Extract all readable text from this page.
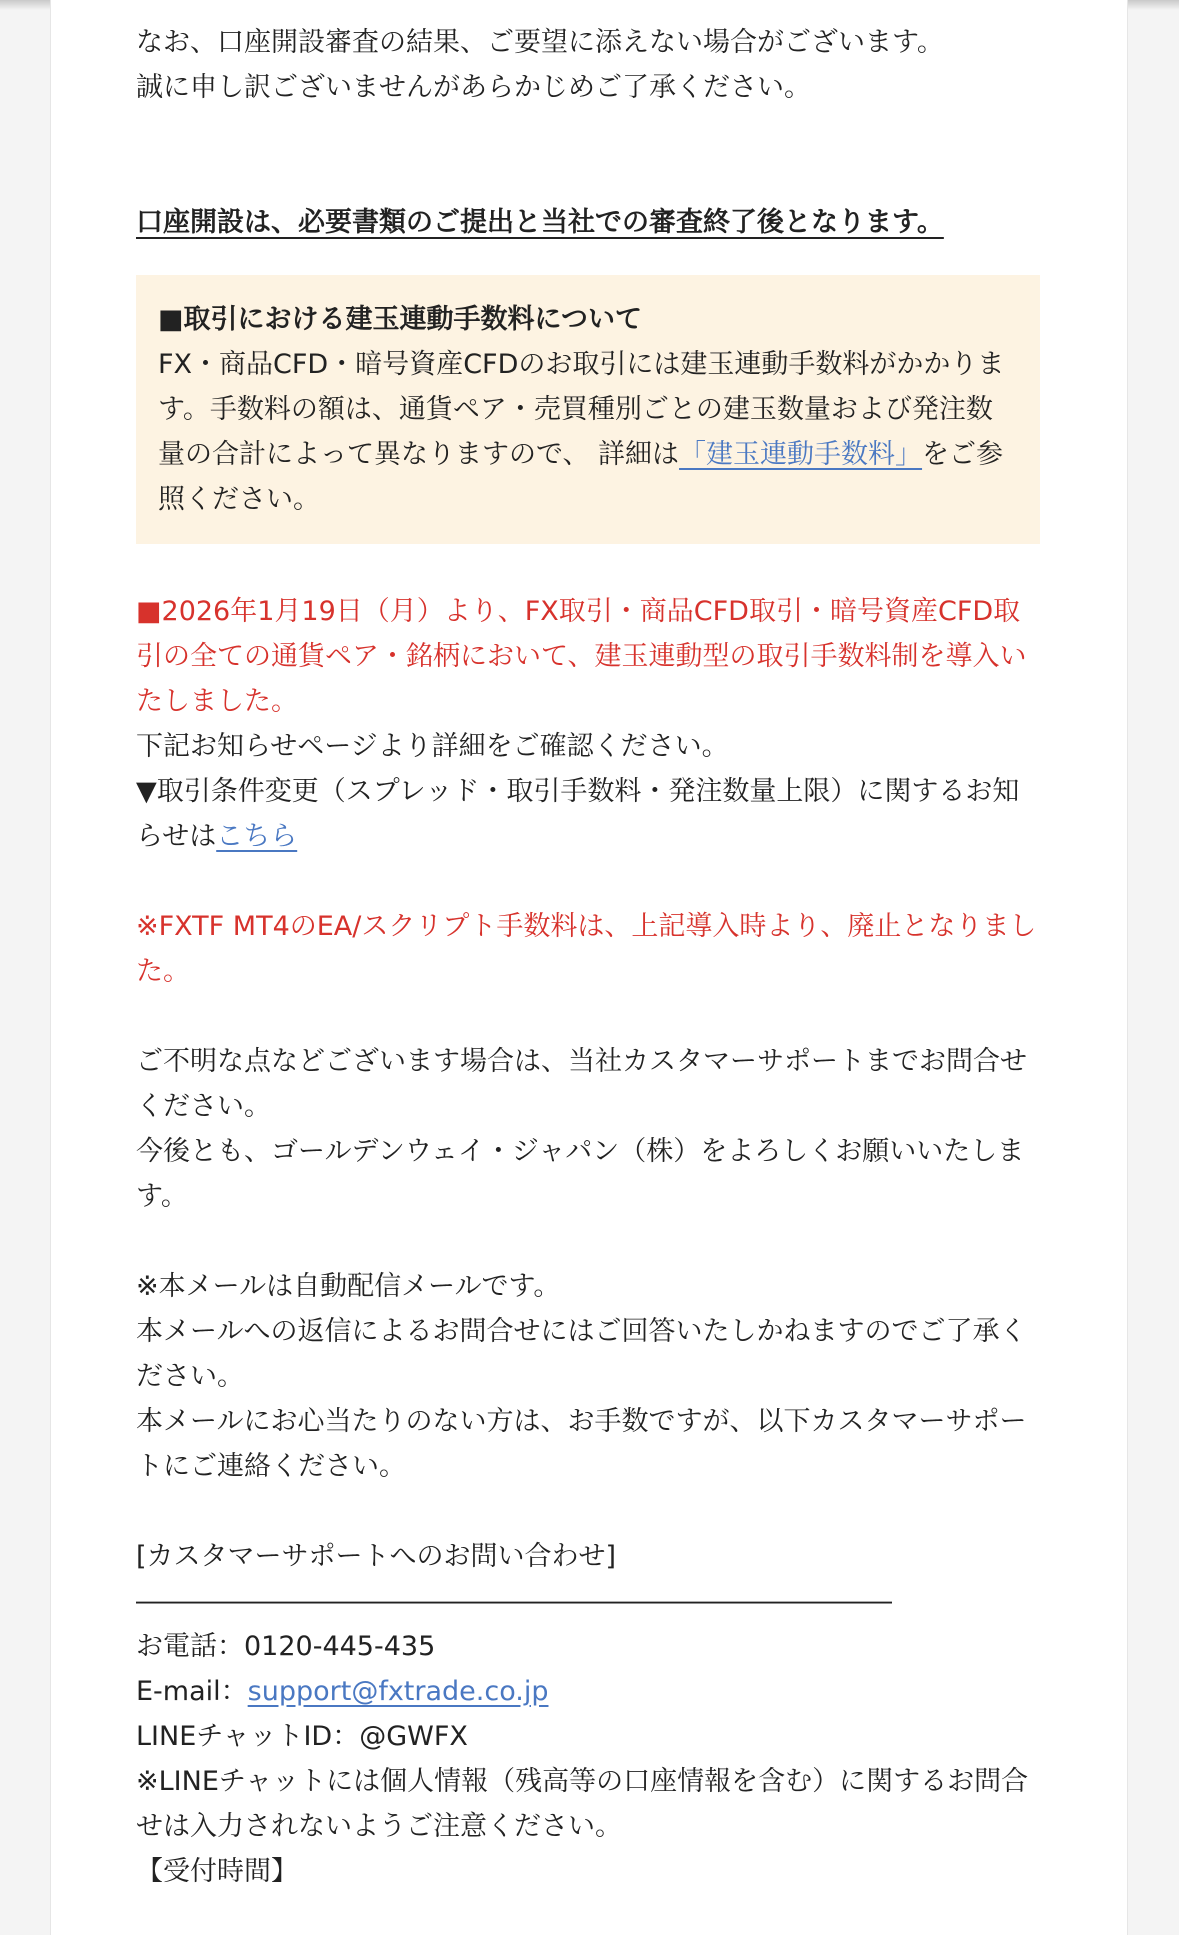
なお、口座開設審査の結果、ご要望に添えない場合がございます。

誠に申し訳ございませんがあらかじめご了承ください。

口座開設は、必要書類のご提出と当社での審査終了後となります。

■取引における建玉連動手数料について

FX・商品CFD・暗号資産CFDのお取引には建玉連動手数料がかかります。手数料の額は、通貨ペア・売買種別ごとの建玉数量および発注数量の合計によって異なりますので、 詳細は「建玉連動手数料」をご参照ください。

■2026年1月19日（月）より、FX取引・商品CFD取引・暗号資産CFD取引の全ての通貨ペア・銘柄において、建玉連動型の取引手数料制を導入いたしました。

下記お知らせページより詳細をご確認ください。

▼取引条件変更（スプレッド・取引手数料・発注数量上限）に関するお知らせはこちら

※FXTF MT4のEA/スクリプト手数料は、上記導入時より、廃止となりました。

ご不明な点などございます場合は、当社カスタマーサポートまでお問合せください。

今後とも、ゴールデンウェイ・ジャパン（株）をよろしくお願いいたします。

※本メールは自動配信メールです。

本メールへの返信によるお問合せにはご回答いたしかねますのでご了承ください。

本メールにお心当たりのない方は、お手数ですが、以下カスタマーサポートにご連絡ください。

[カスタマーサポートへのお問い合わせ]

――――――――――――――――――――――――――――

お電話：0120-445-435

E-mail：support@fxtrade.co.jp

LINEチャットID：@GWFX

※LINEチャットには個人情報（残高等の口座情報を含む）に関するお問合せは入力されないようご注意ください。

【受付時間】
